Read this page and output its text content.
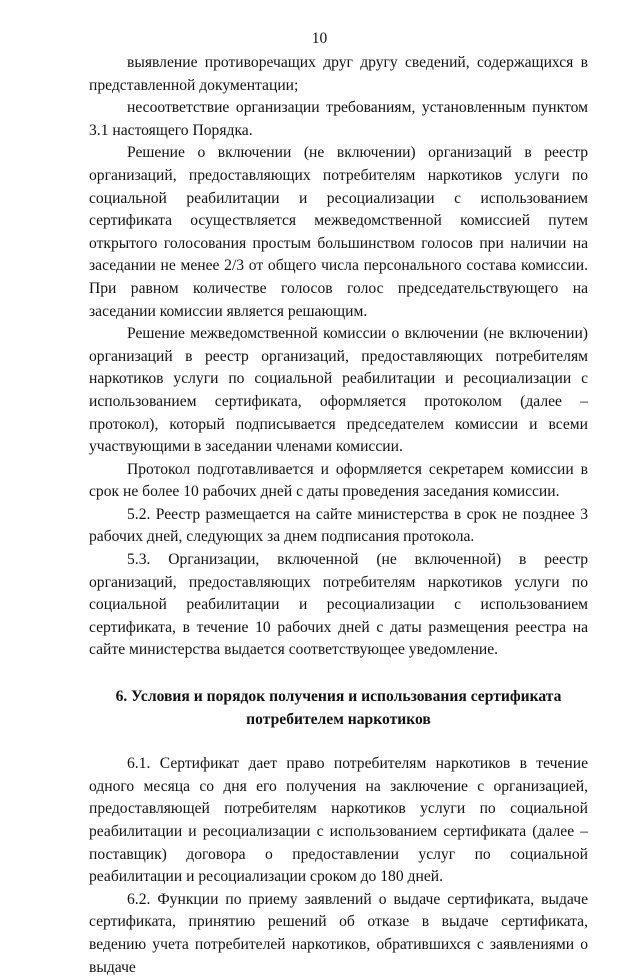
10

выявление противоречащих друг другу сведений, содержащихся в представленной документации;

несоответствие организации требованиям, установленным пунктом 3.1 настоящего Порядка.

Решение о включении (не включении) организаций в реестр организаций, предоставляющих потребителям наркотиков услуги по социальной реабилитации и ресоциализации с использованием сертификата осуществляется межведомственной комиссией путем открытого голосования простым большинством голосов при наличии на заседании не менее 2/3 от общего числа персонального состава комиссии. При равном количестве голосов голос председательствующего на заседании комиссии является решающим.

Решение межведомственной комиссии о включении (не включении) организаций в реестр организаций, предоставляющих потребителям наркотиков услуги по социальной реабилитации и ресоциализации с использованием сертификата, оформляется протоколом (далее – протокол), который подписывается председателем комиссии и всеми участвующими в заседании членами комиссии.

Протокол подготавливается и оформляется секретарем комиссии в срок не более 10 рабочих дней с даты проведения заседания комиссии.

5.2. Реестр размещается на сайте министерства в срок не позднее 3 рабочих дней, следующих за днем подписания протокола.

5.3. Организации, включенной (не включенной) в реестр организаций, предоставляющих потребителям наркотиков услуги по социальной реабилитации и ресоциализации с использованием сертификата, в течение 10 рабочих дней с даты размещения реестра на сайте министерства выдается соответствующее уведомление.

6. Условия и порядок получения и использования сертификата
потребителем наркотиков

6.1. Сертификат дает право потребителям наркотиков в течение одного месяца со дня его получения на заключение с организацией, предоставляющей потребителям наркотиков услуги по социальной реабилитации и ресоциализации с использованием сертификата (далее – поставщик) договора о предоставлении услуг по социальной реабилитации и ресоциализации сроком до 180 дней.

6.2. Функции по приему заявлений о выдаче сертификата, выдаче сертификата, принятию решений об отказе в выдаче сертификата, ведению учета потребителей наркотиков, обратившихся с заявлениями о выдаче
